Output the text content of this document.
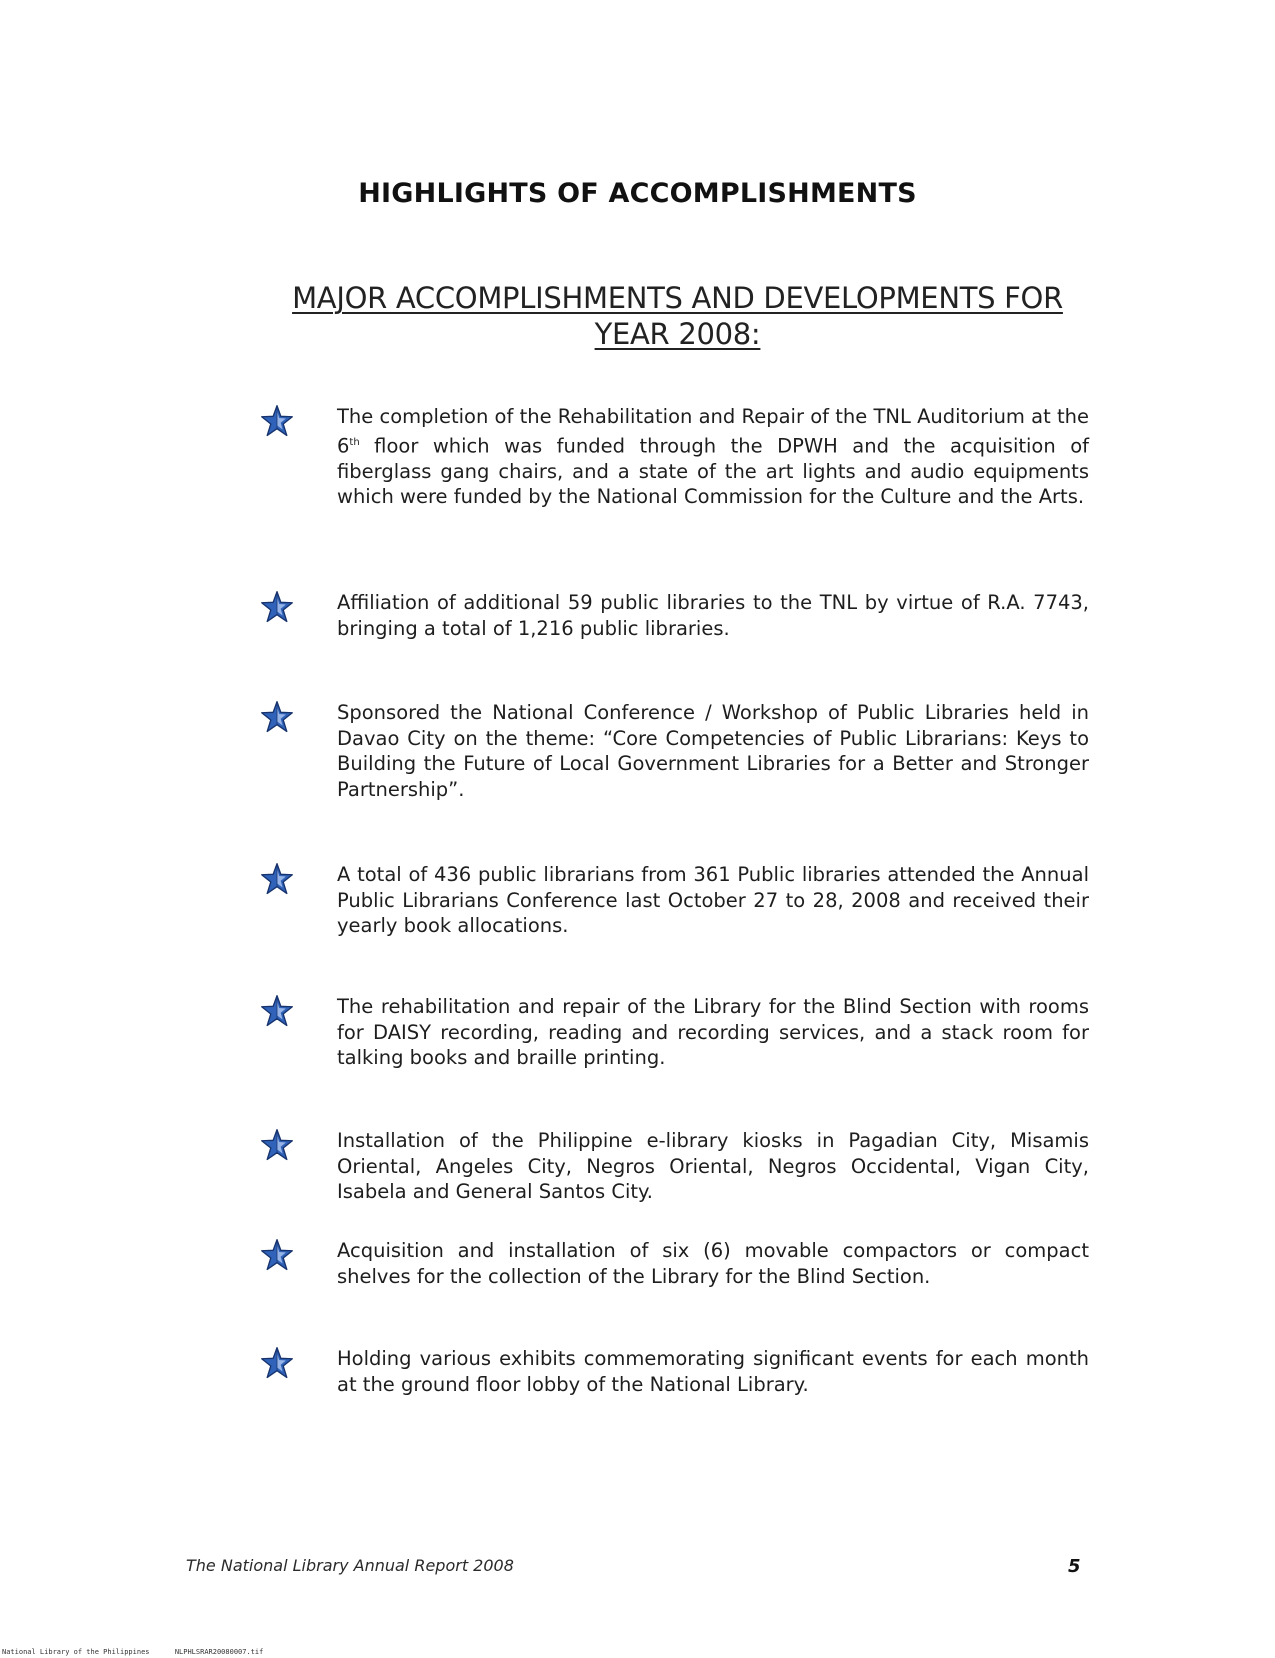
HIGHLIGHTS OF ACCOMPLISHMENTS
MAJOR ACCOMPLISHMENTS AND DEVELOPMENTS FOR
YEAR 2008:

The completion of the Rehabilitation and Repair of the TNL Auditorium at the 6th floor which was funded through the DPWH and the acquisition of fiberglass gang chairs, and a state of the art lights and audio equipments which were funded by the National Commission for the Culture and the Arts.

Affiliation of additional 59 public libraries to the TNL by virtue of R.A. 7743, bringing a total of 1,216 public libraries.

Sponsored the National Conference / Workshop of Public Libraries held in Davao City on the theme: “Core Competencies of Public Librarians: Keys to Building the Future of Local Government Libraries for a Better and Stronger Partnership”.

A total of 436 public librarians from 361 Public libraries attended the Annual Public Librarians Conference last October 27 to 28, 2008 and received their yearly book allocations.

The rehabilitation and repair of the Library for the Blind Section with rooms for DAISY recording, reading and recording services, and a stack room for talking books and braille printing.

Installation of the Philippine e-library kiosks in Pagadian City, Misamis Oriental, Angeles City, Negros Oriental, Negros Occidental, Vigan City, Isabela and General Santos City.

Acquisition and installation of six (6) movable compactors or compact shelves for the collection of the Library for the Blind Section.

Holding various exhibits commemorating significant events for each month at the ground floor lobby of the National Library.

The National Library Annual Report 2008	5
National Library of the Philippines	NLPHLSRAR20080007.tif
